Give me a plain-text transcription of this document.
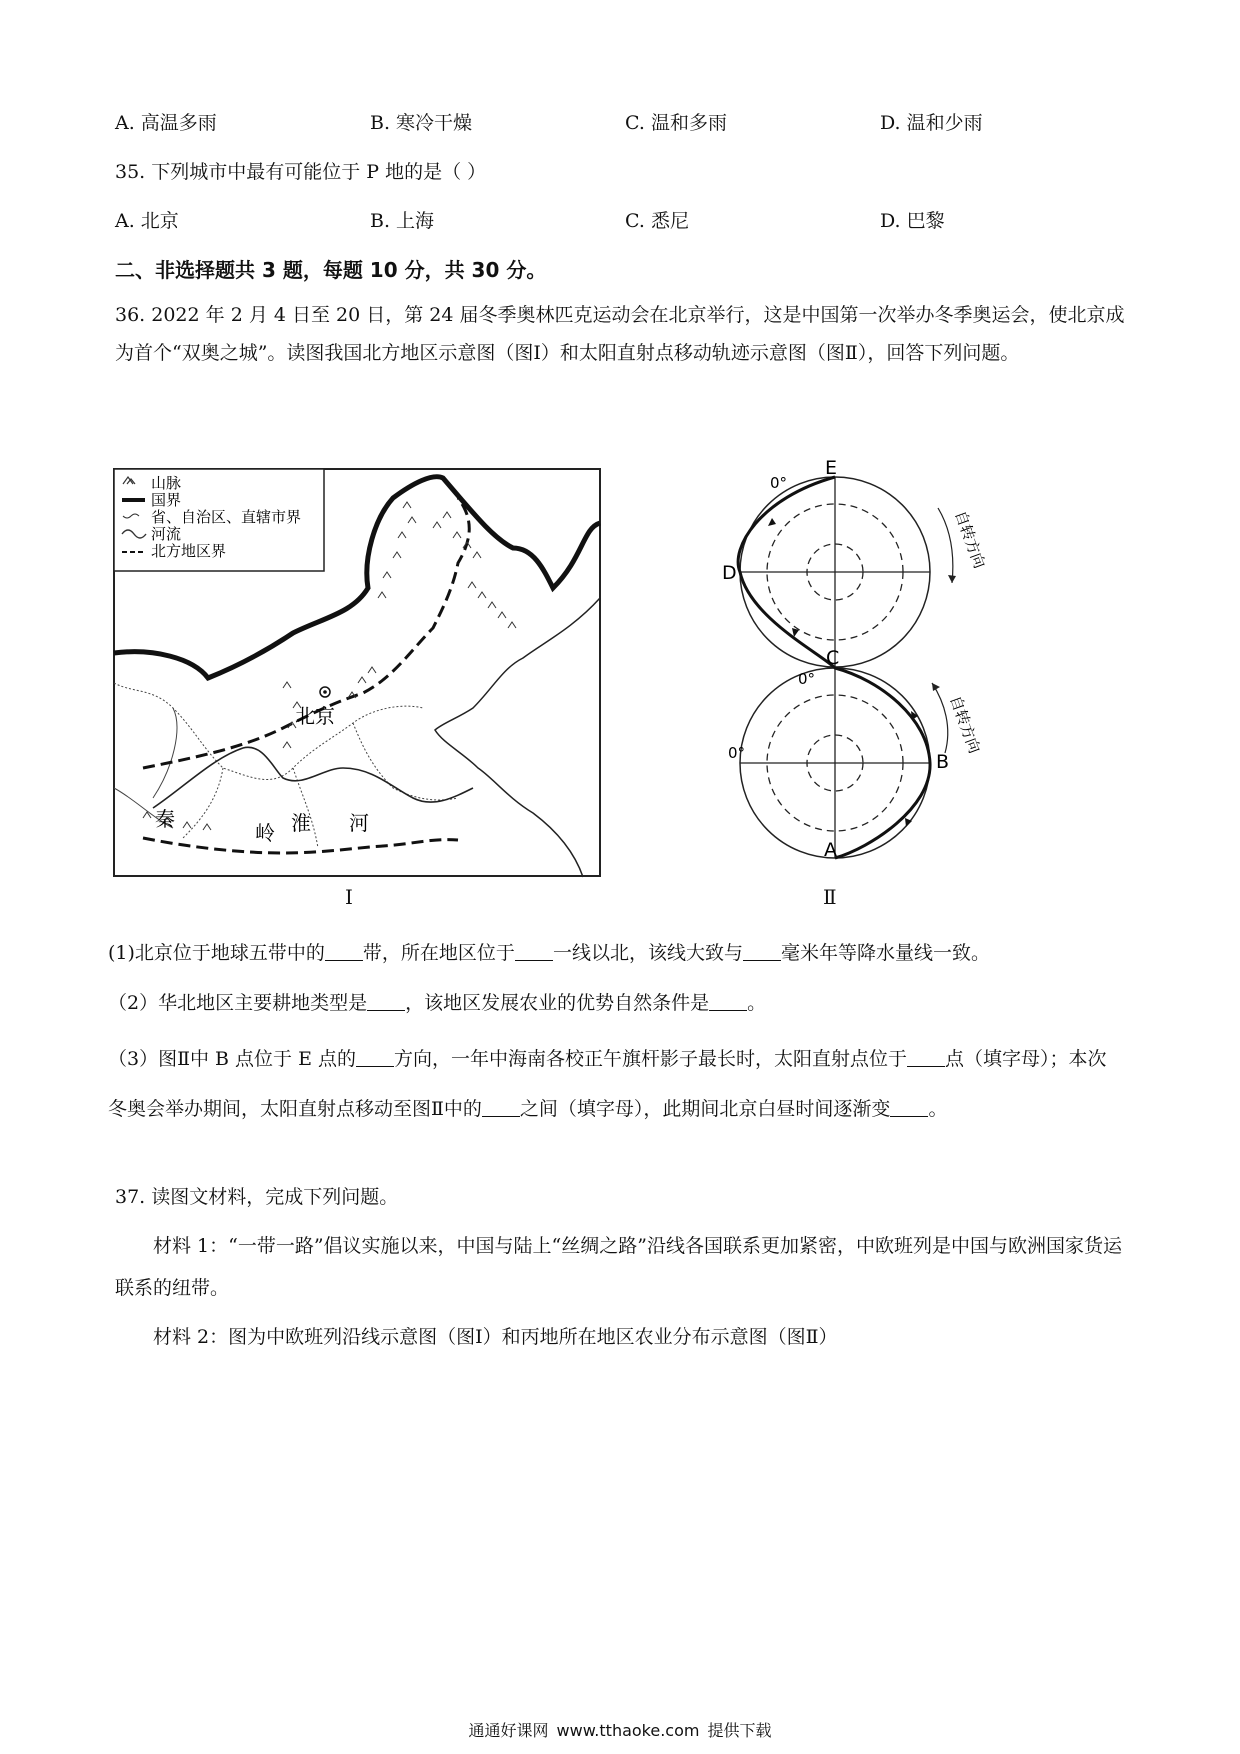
A. 高温多雨	B. 寒冷干燥	C. 温和多雨	D. 温和少雨
35. 下列城市中最有可能位于 P 地的是（ ）
A. 北京	B. 上海	C. 悉尼	D. 巴黎
二、非选择题共 3 题，每题 10 分，共 30 分。
36. 2022 年 2 月 4 日至 20 日，第 24 届冬季奥林匹克运动会在北京举行，这是中国第一次举办冬季奥运会，使北京成为首个“双奥之城”。读图我国北方地区示意图（图Ⅰ）和太阳直射点移动轨迹示意图（图Ⅱ），回答下列问题。
山脉
国界
省、自治区、直辖市界
河流
北方地区界
北京
秦
岭 淮 河
Ⅰ
E
D
C
B
A
0°
0°
0°
自转方向
自转方向
Ⅱ
(1)北京位于地球五带中的 带，所在地区位于 一线以北，该线大致与 毫米年等降水量线一致。
（2）华北地区主要耕地类型是 ，该地区发展农业的优势自然条件是 。
（3）图Ⅱ中 B 点位于 E 点的 方向，一年中海南各校正午旗杆影子最长时，太阳直射点位于 点（填字母）；本次冬奥会举办期间，太阳直射点移动至图Ⅱ中的 之间（填字母），此期间北京白昼时间逐渐变 。
37. 读图文材料，完成下列问题。
材料 1：“一带一路”倡议实施以来，中国与陆上“丝绸之路”沿线各国联系更加紧密，中欧班列是中国与欧洲国家货运联系的纽带。
材料 2：图为中欧班列沿线示意图（图Ⅰ）和丙地所在地区农业分布示意图（图Ⅱ）
通通好课网 www.tthaoke.com 提供下载
